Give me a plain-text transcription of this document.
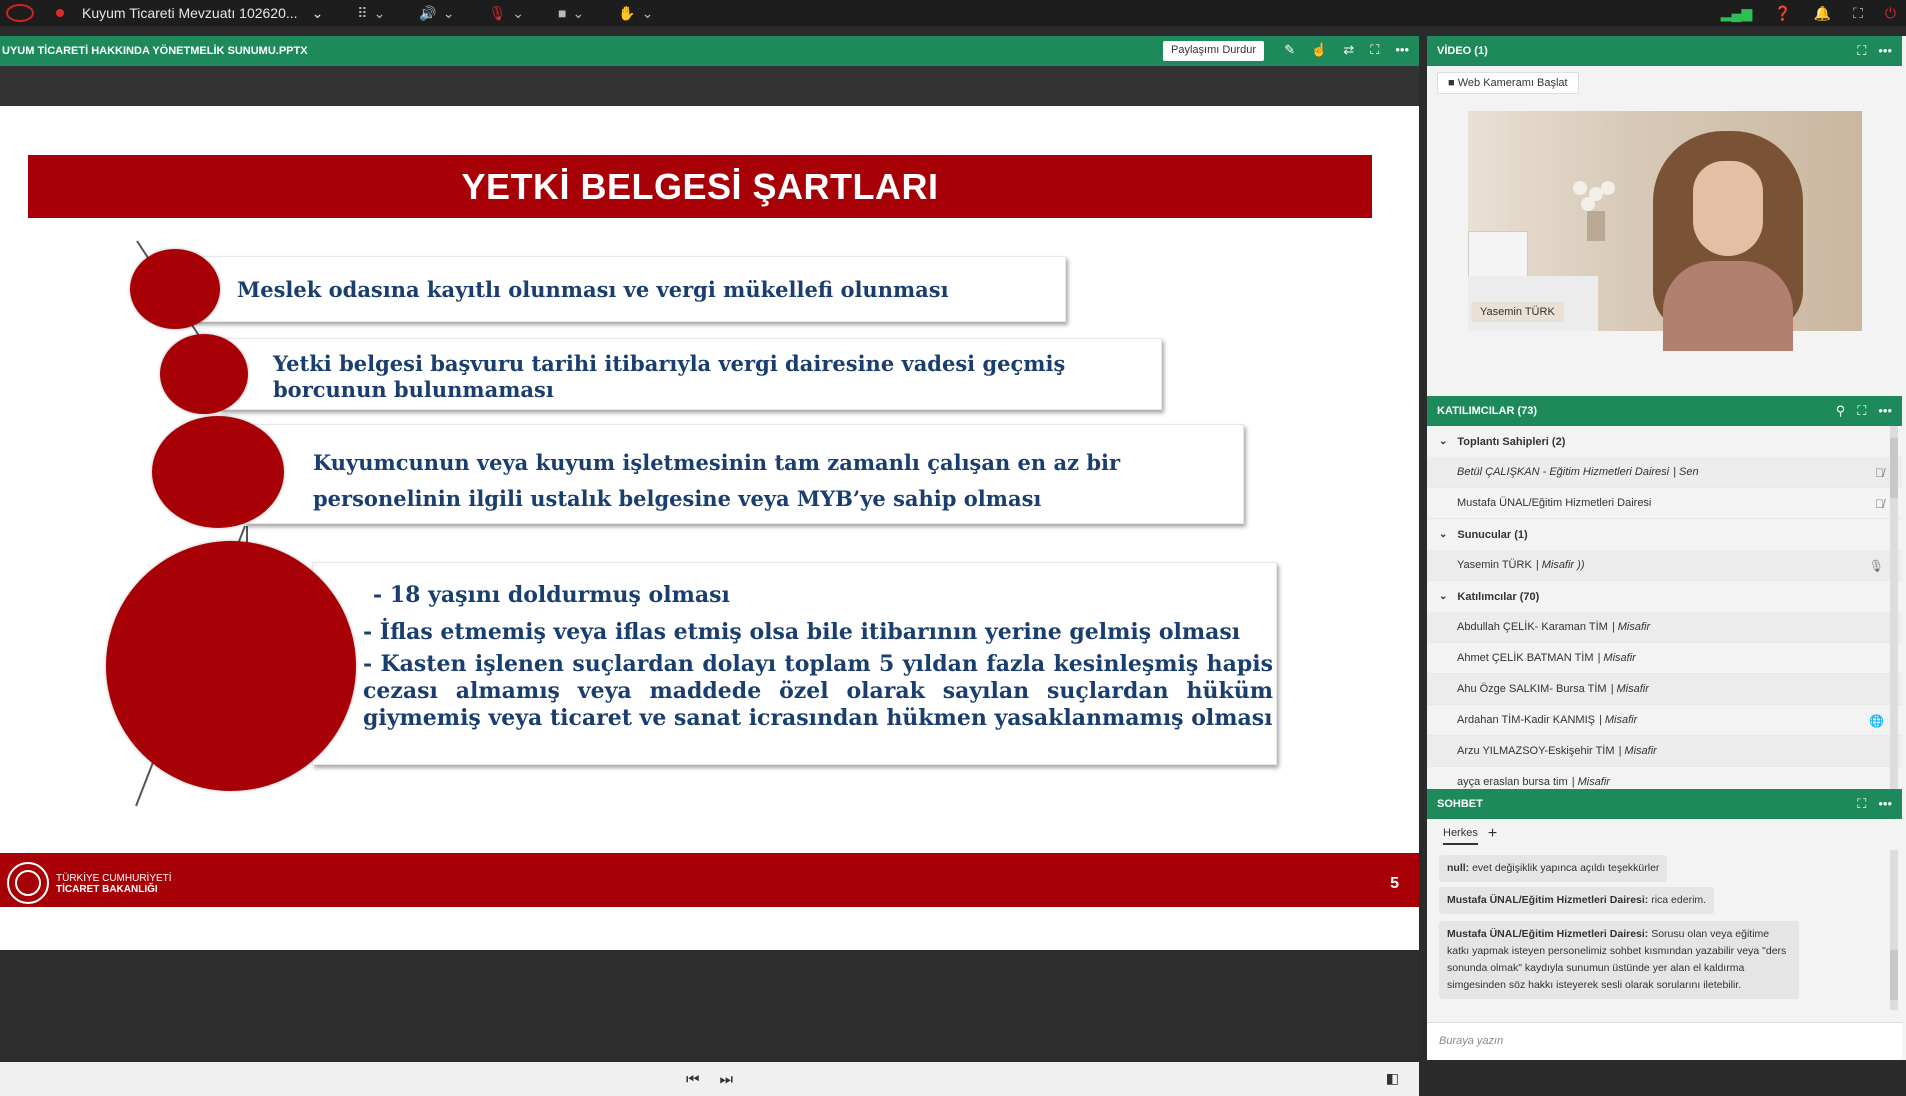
Kuyum Ticareti Mevzuatı 102620... ⌄ ⠿ ⌄ 🔊 ⌄ 🎙 ⌄ ■ ⌄ ✋ ⌄	▂▄▆ ❓ 🔔 ⛶ ⏻
UYUM TİCARETİ HAKKINDA YÖNETMELİK SUNUMU.PPTX	Paylaşımı Durdur	✎ ☝ ⇄ ⛶ •••
YETKİ BELGESİ ŞARTLARI
Meslek odasına kayıtlı olunması ve vergi mükellefi olunması
Yetki belgesi başvuru tarihi itibarıyla vergi dairesine vadesi geçmiş borcunun bulunmaması
Kuyumcunun veya kuyum işletmesinin tam zamanlı çalışan en az bir personelinin ilgili ustalık belgesine veya MYB’ye sahip olması
- 18 yaşını doldurmuş olması
- İflas etmemiş veya iflas etmiş olsa bile itibarının yerine gelmiş olması
- Kasten işlenen suçlardan dolayı toplam 5 yıldan fazla kesinleşmiş hapis cezası almamış veya maddede özel olarak sayılan suçlardan hüküm giymemiş veya ticaret ve sanat icrasından hükmen yasaklanmamış olması
TÜRKİYE CUMHURİYETİ
TİCARET BAKANLIĞI	5
⏮ ⏭	◧
VİDEO (1)	⛶ •••
■ Web Kameramı Başlat
Yasemin TÜRK
KATILIMCILAR (73)	⚲ ⛶ •••
⌄ Toplantı Sahipleri (2)
Betül ÇALIŞKAN - Eğitim Hizmetleri Dairesi | Sen	🎙̸
Mustafa ÜNAL/Eğitim Hizmetleri Dairesi	🎙̸
⌄ Sunucular (1)
Yasemin TÜRK | Misafir ))	🎙
⌄ Katılımcılar (70)
Abdullah ÇELİK- Karaman TİM | Misafir
Ahmet ÇELİK BATMAN TİM | Misafir
Ahu Özge SALKIM- Bursa TİM | Misafir
Ardahan TİM-Kadir KANMIŞ | Misafir	🌐
Arzu YILMAZSOY-Eskişehir TİM | Misafir
ayça eraslan bursa tim | Misafir
SOHBET	⛶ •••
Herkes +
null: evet değişiklik yapınca açıldı teşekkürler
Mustafa ÜNAL/Eğitim Hizmetleri Dairesi: rica ederim.
Mustafa ÜNAL/Eğitim Hizmetleri Dairesi: Sorusu olan veya eğitime katkı yapmak isteyen personelimiz sohbet kısmından yazabilir veya "ders sonunda olmak" kaydıyla sunumun üstünde yer alan el kaldırma simgesinden söz hakkı isteyerek sesli olarak sorularını iletebilir.
Buraya yazın
